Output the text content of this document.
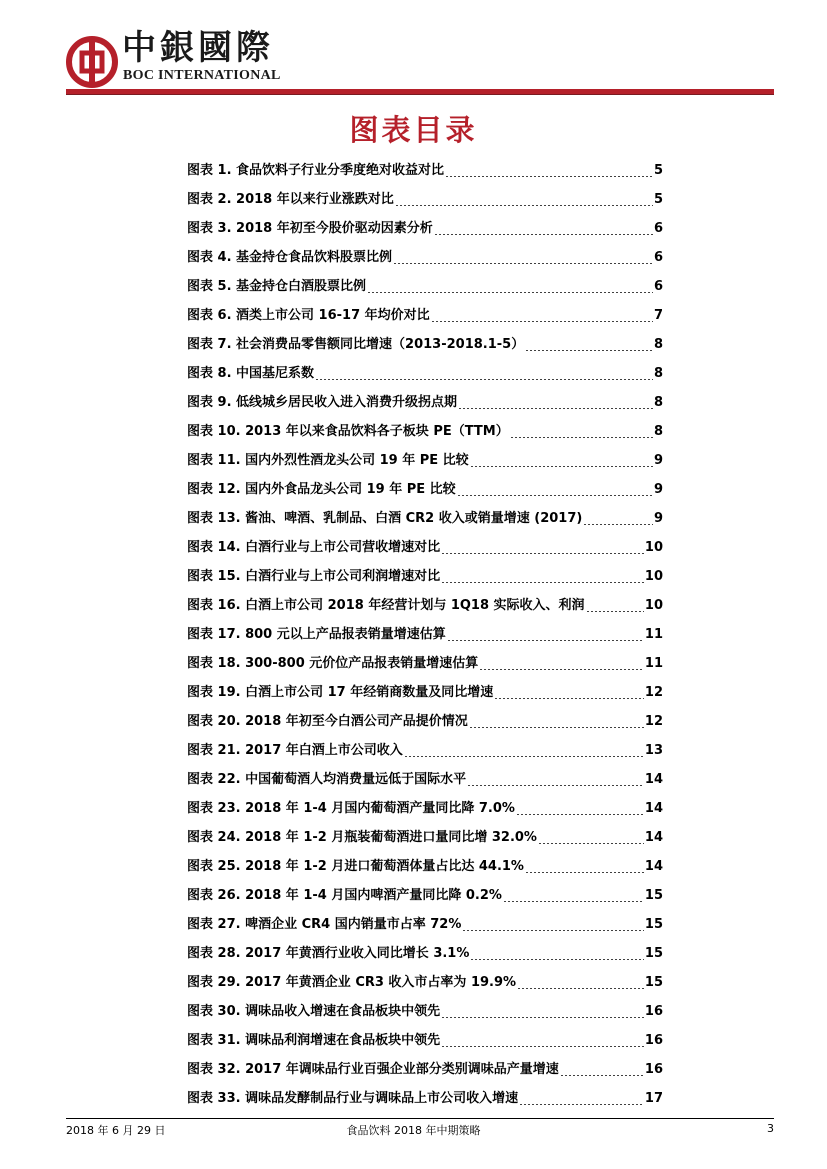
中銀國際
BOC INTERNATIONAL
图表目录
图表 1. 食品饮料子行业分季度绝对收益对比	5
图表 2. 2018 年以来行业涨跌对比	5
图表 3. 2018 年初至今股价驱动因素分析	6
图表 4. 基金持仓食品饮料股票比例	6
图表 5. 基金持仓白酒股票比例	6
图表 6. 酒类上市公司 16-17 年均价对比	7
图表 7. 社会消费品零售额同比增速（2013-2018.1-5）	8
图表 8. 中国基尼系数	8
图表 9. 低线城乡居民收入进入消费升级拐点期	8
图表 10. 2013 年以来食品饮料各子板块 PE（TTM）	8
图表 11. 国内外烈性酒龙头公司 19 年 PE 比较	9
图表 12. 国内外食品龙头公司 19 年 PE 比较	9
图表 13. 酱油、啤酒、乳制品、白酒 CR2 收入或销量增速 (2017)	9
图表 14. 白酒行业与上市公司营收增速对比	10
图表 15. 白酒行业与上市公司利润增速对比	10
图表 16. 白酒上市公司 2018 年经营计划与 1Q18 实际收入、利润	10
图表 17. 800 元以上产品报表销量增速估算	11
图表 18. 300-800 元价位产品报表销量增速估算	11
图表 19. 白酒上市公司 17 年经销商数量及同比增速	12
图表 20. 2018 年初至今白酒公司产品提价情况	12
图表 21. 2017 年白酒上市公司收入	13
图表 22. 中国葡萄酒人均消费量远低于国际水平	14
图表 23. 2018 年 1-4 月国内葡萄酒产量同比降 7.0%	14
图表 24. 2018 年 1-2 月瓶装葡萄酒进口量同比增 32.0%	14
图表 25. 2018 年 1-2 月进口葡萄酒体量占比达 44.1%	14
图表 26. 2018 年 1-4 月国内啤酒产量同比降 0.2%	15
图表 27. 啤酒企业 CR4 国内销量市占率 72%	15
图表 28. 2017 年黄酒行业收入同比增长 3.1%	15
图表 29. 2017 年黄酒企业 CR3 收入市占率为 19.9%	15
图表 30. 调味品收入增速在食品板块中领先	16
图表 31. 调味品利润增速在食品板块中领先	16
图表 32. 2017 年调味品行业百强企业部分类别调味品产量增速	16
图表 33. 调味品发酵制品行业与调味品上市公司收入增速	17
2018 年 6 月 29 日	食品饮料 2018 年中期策略	3
